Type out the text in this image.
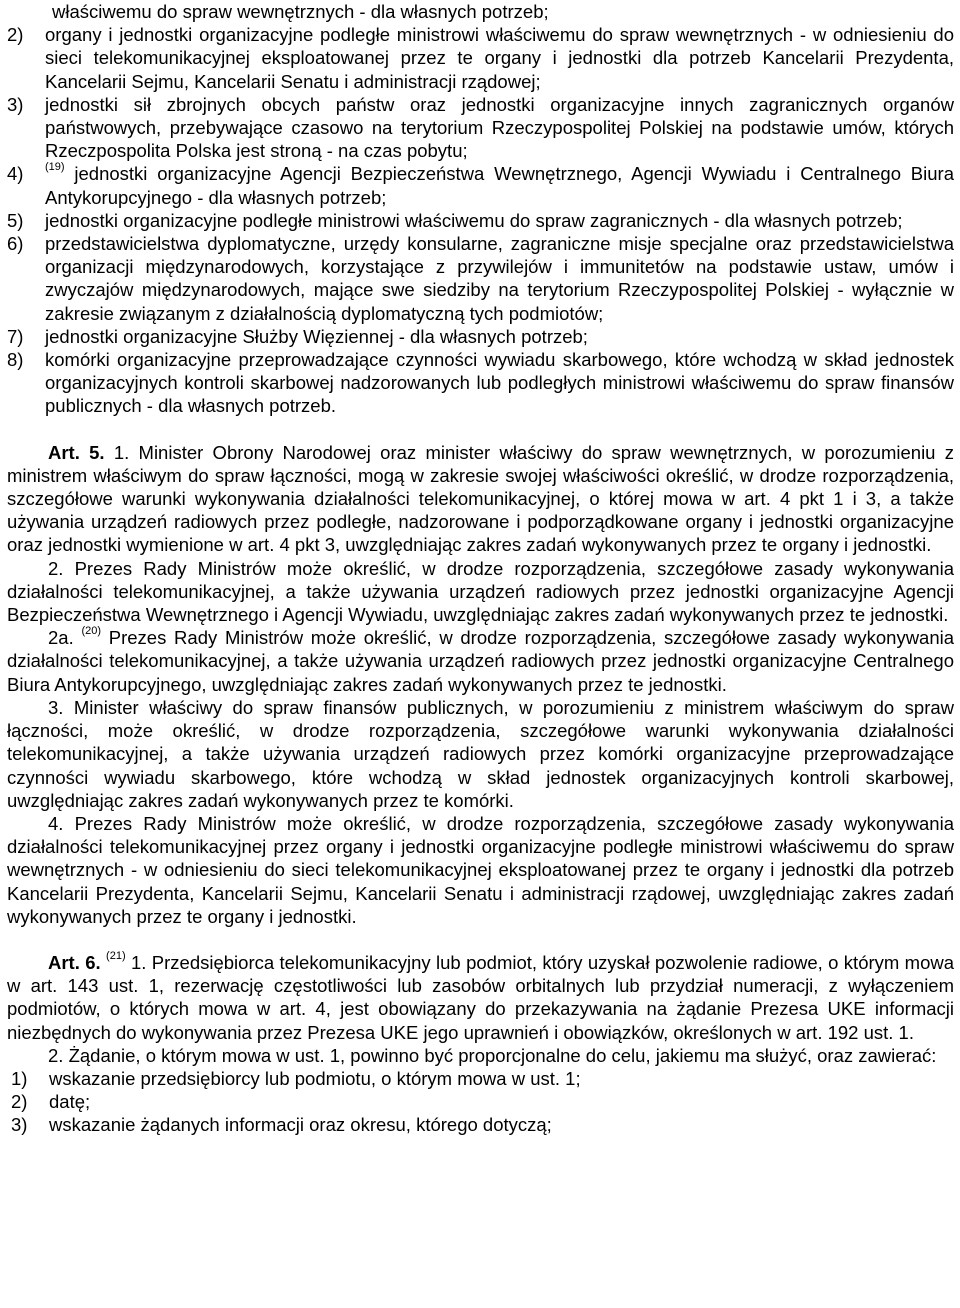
właściwemu do spraw wewnętrznych - dla własnych potrzeb;

2)	organy i jednostki organizacyjne podległe ministrowi właściwemu do spraw wewnętrznych - w odniesieniu do sieci telekomunikacyjnej eksploatowanej przez te organy i jednostki dla potrzeb Kancelarii Prezydenta, Kancelarii Sejmu, Kancelarii Senatu i administracji rządowej;
3)	jednostki sił zbrojnych obcych państw oraz jednostki organizacyjne innych zagranicznych organów państwowych, przebywające czasowo na terytorium Rzeczypospolitej Polskiej na podstawie umów, których Rzeczpospolita Polska jest stroną - na czas pobytu;
4)	$^{(19)}$ jednostki organizacyjne Agencji Bezpieczeństwa Wewnętrznego, Agencji Wywiadu i Centralnego Biura Antykorupcyjnego - dla własnych potrzeb;
5)	jednostki organizacyjne podległe ministrowi właściwemu do spraw zagranicznych - dla własnych potrzeb;
6)	przedstawicielstwa dyplomatyczne, urzędy konsularne, zagraniczne misje specjalne oraz przedstawicielstwa organizacji międzynarodowych, korzystające z przywilejów i immunitetów na podstawie ustaw, umów i zwyczajów międzynarodowych, mające swe siedziby na terytorium Rzeczypospolitej Polskiej - wyłącznie w zakresie związanym z działalnością dyplomatyczną tych podmiotów;
7)	jednostki organizacyjne Służby Więziennej - dla własnych potrzeb;
8)	komórki organizacyjne przeprowadzające czynności wywiadu skarbowego, które wchodzą w skład jednostek organizacyjnych kontroli skarbowej nadzorowanych lub podległych ministrowi właściwemu do spraw finansów publicznych - dla własnych potrzeb.

Art. 5. 1. Minister Obrony Narodowej oraz minister właściwy do spraw wewnętrznych, w porozumieniu z ministrem właściwym do spraw łączności, mogą w zakresie swojej właściwości określić, w drodze rozporządzenia, szczegółowe warunki wykonywania działalności telekomunikacyjnej, o której mowa w art. 4 pkt 1 i 3, a także używania urządzeń radiowych przez podległe, nadzorowane i podporządkowane organy i jednostki organizacyjne oraz jednostki wymienione w art. 4 pkt 3, uwzględniając zakres zadań wykonywanych przez te organy i jednostki.

2. Prezes Rady Ministrów może określić, w drodze rozporządzenia, szczegółowe zasady wykonywania działalności telekomunikacyjnej, a także używania urządzeń radiowych przez jednostki organizacyjne Agencji Bezpieczeństwa Wewnętrznego i Agencji Wywiadu, uwzględniając zakres zadań wykonywanych przez te jednostki.

2a. $^{(20)}$ Prezes Rady Ministrów może określić, w drodze rozporządzenia, szczegółowe zasady wykonywania działalności telekomunikacyjnej, a także używania urządzeń radiowych przez jednostki organizacyjne Centralnego Biura Antykorupcyjnego, uwzględniając zakres zadań wykonywanych przez te jednostki.

3. Minister właściwy do spraw finansów publicznych, w porozumieniu z ministrem właściwym do spraw łączności, może określić, w drodze rozporządzenia, szczegółowe warunki wykonywania działalności telekomunikacyjnej, a także używania urządzeń radiowych przez komórki organizacyjne przeprowadzające czynności wywiadu skarbowego, które wchodzą w skład jednostek organizacyjnych kontroli skarbowej, uwzględniając zakres zadań wykonywanych przez te komórki.

4. Prezes Rady Ministrów może określić, w drodze rozporządzenia, szczegółowe zasady wykonywania działalności telekomunikacyjnej przez organy i jednostki organizacyjne podległe ministrowi właściwemu do spraw wewnętrznych - w odniesieniu do sieci telekomunikacyjnej eksploatowanej przez te organy i jednostki dla potrzeb Kancelarii Prezydenta, Kancelarii Sejmu, Kancelarii Senatu i administracji rządowej, uwzględniając zakres zadań wykonywanych przez te organy i jednostki.

Art. 6. $^{(21)}$ 1. Przedsiębiorca telekomunikacyjny lub podmiot, który uzyskał pozwolenie radiowe, o którym mowa w art. 143 ust. 1, rezerwację częstotliwości lub zasobów orbitalnych lub przydział numeracji, z wyłączeniem podmiotów, o których mowa w art. 4, jest obowiązany do przekazywania na żądanie Prezesa UKE informacji niezbędnych do wykonywania przez Prezesa UKE jego uprawnień i obowiązków, określonych w art. 192 ust. 1.

2. Żądanie, o którym mowa w ust. 1, powinno być proporcjonalne do celu, jakiemu ma służyć, oraz zawierać:

1)	wskazanie przedsiębiorcy lub podmiotu, o którym mowa w ust. 1;
2)	datę;
3)	wskazanie żądanych informacji oraz okresu, którego dotyczą;
